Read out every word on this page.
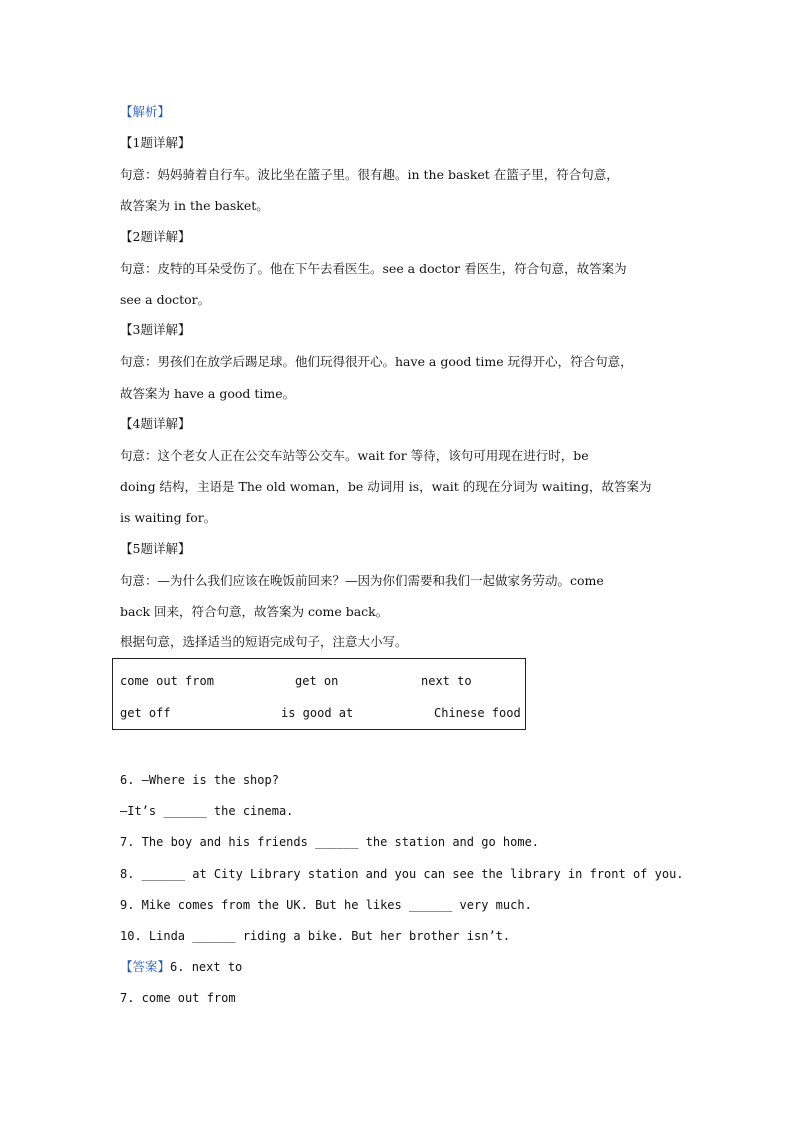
【解析】
【1题详解】
句意：妈妈骑着自行车。波比坐在篮子里。很有趣。in the basket 在篮子里，符合句意，
故答案为 in the basket。
【2题详解】
句意：皮特的耳朵受伤了。他在下午去看医生。see a doctor 看医生，符合句意，故答案为
see a doctor。
【3题详解】
句意：男孩们在放学后踢足球。他们玩得很开心。have a good time 玩得开心，符合句意，
故答案为 have a good time。
【4题详解】
句意：这个老女人正在公交车站等公交车。wait for 等待，该句可用现在进行时，be
doing 结构，主语是 The old woman，be 动词用 is，wait 的现在分词为 waiting，故答案为
is waiting for。
【5题详解】
句意：—为什么我们应该在晚饭前回来？—因为你们需要和我们一起做家务劳动。come
back 回来，符合句意，故答案为 come back。
根据句意，选择适当的短语完成句子，注意大小写。
come out from	get on	next to
get off	is good at	Chinese food
6. —Where is the shop?
—It’s ______ the cinema.
7. The boy and his friends ______ the station and go home.
8. ______ at City Library station and you can see the library in front of you.
9. Mike comes from the UK. But he likes ______ very much.
10. Linda ______ riding a bike. But her brother isn’t.
【答案】6. next to
7. come out from
